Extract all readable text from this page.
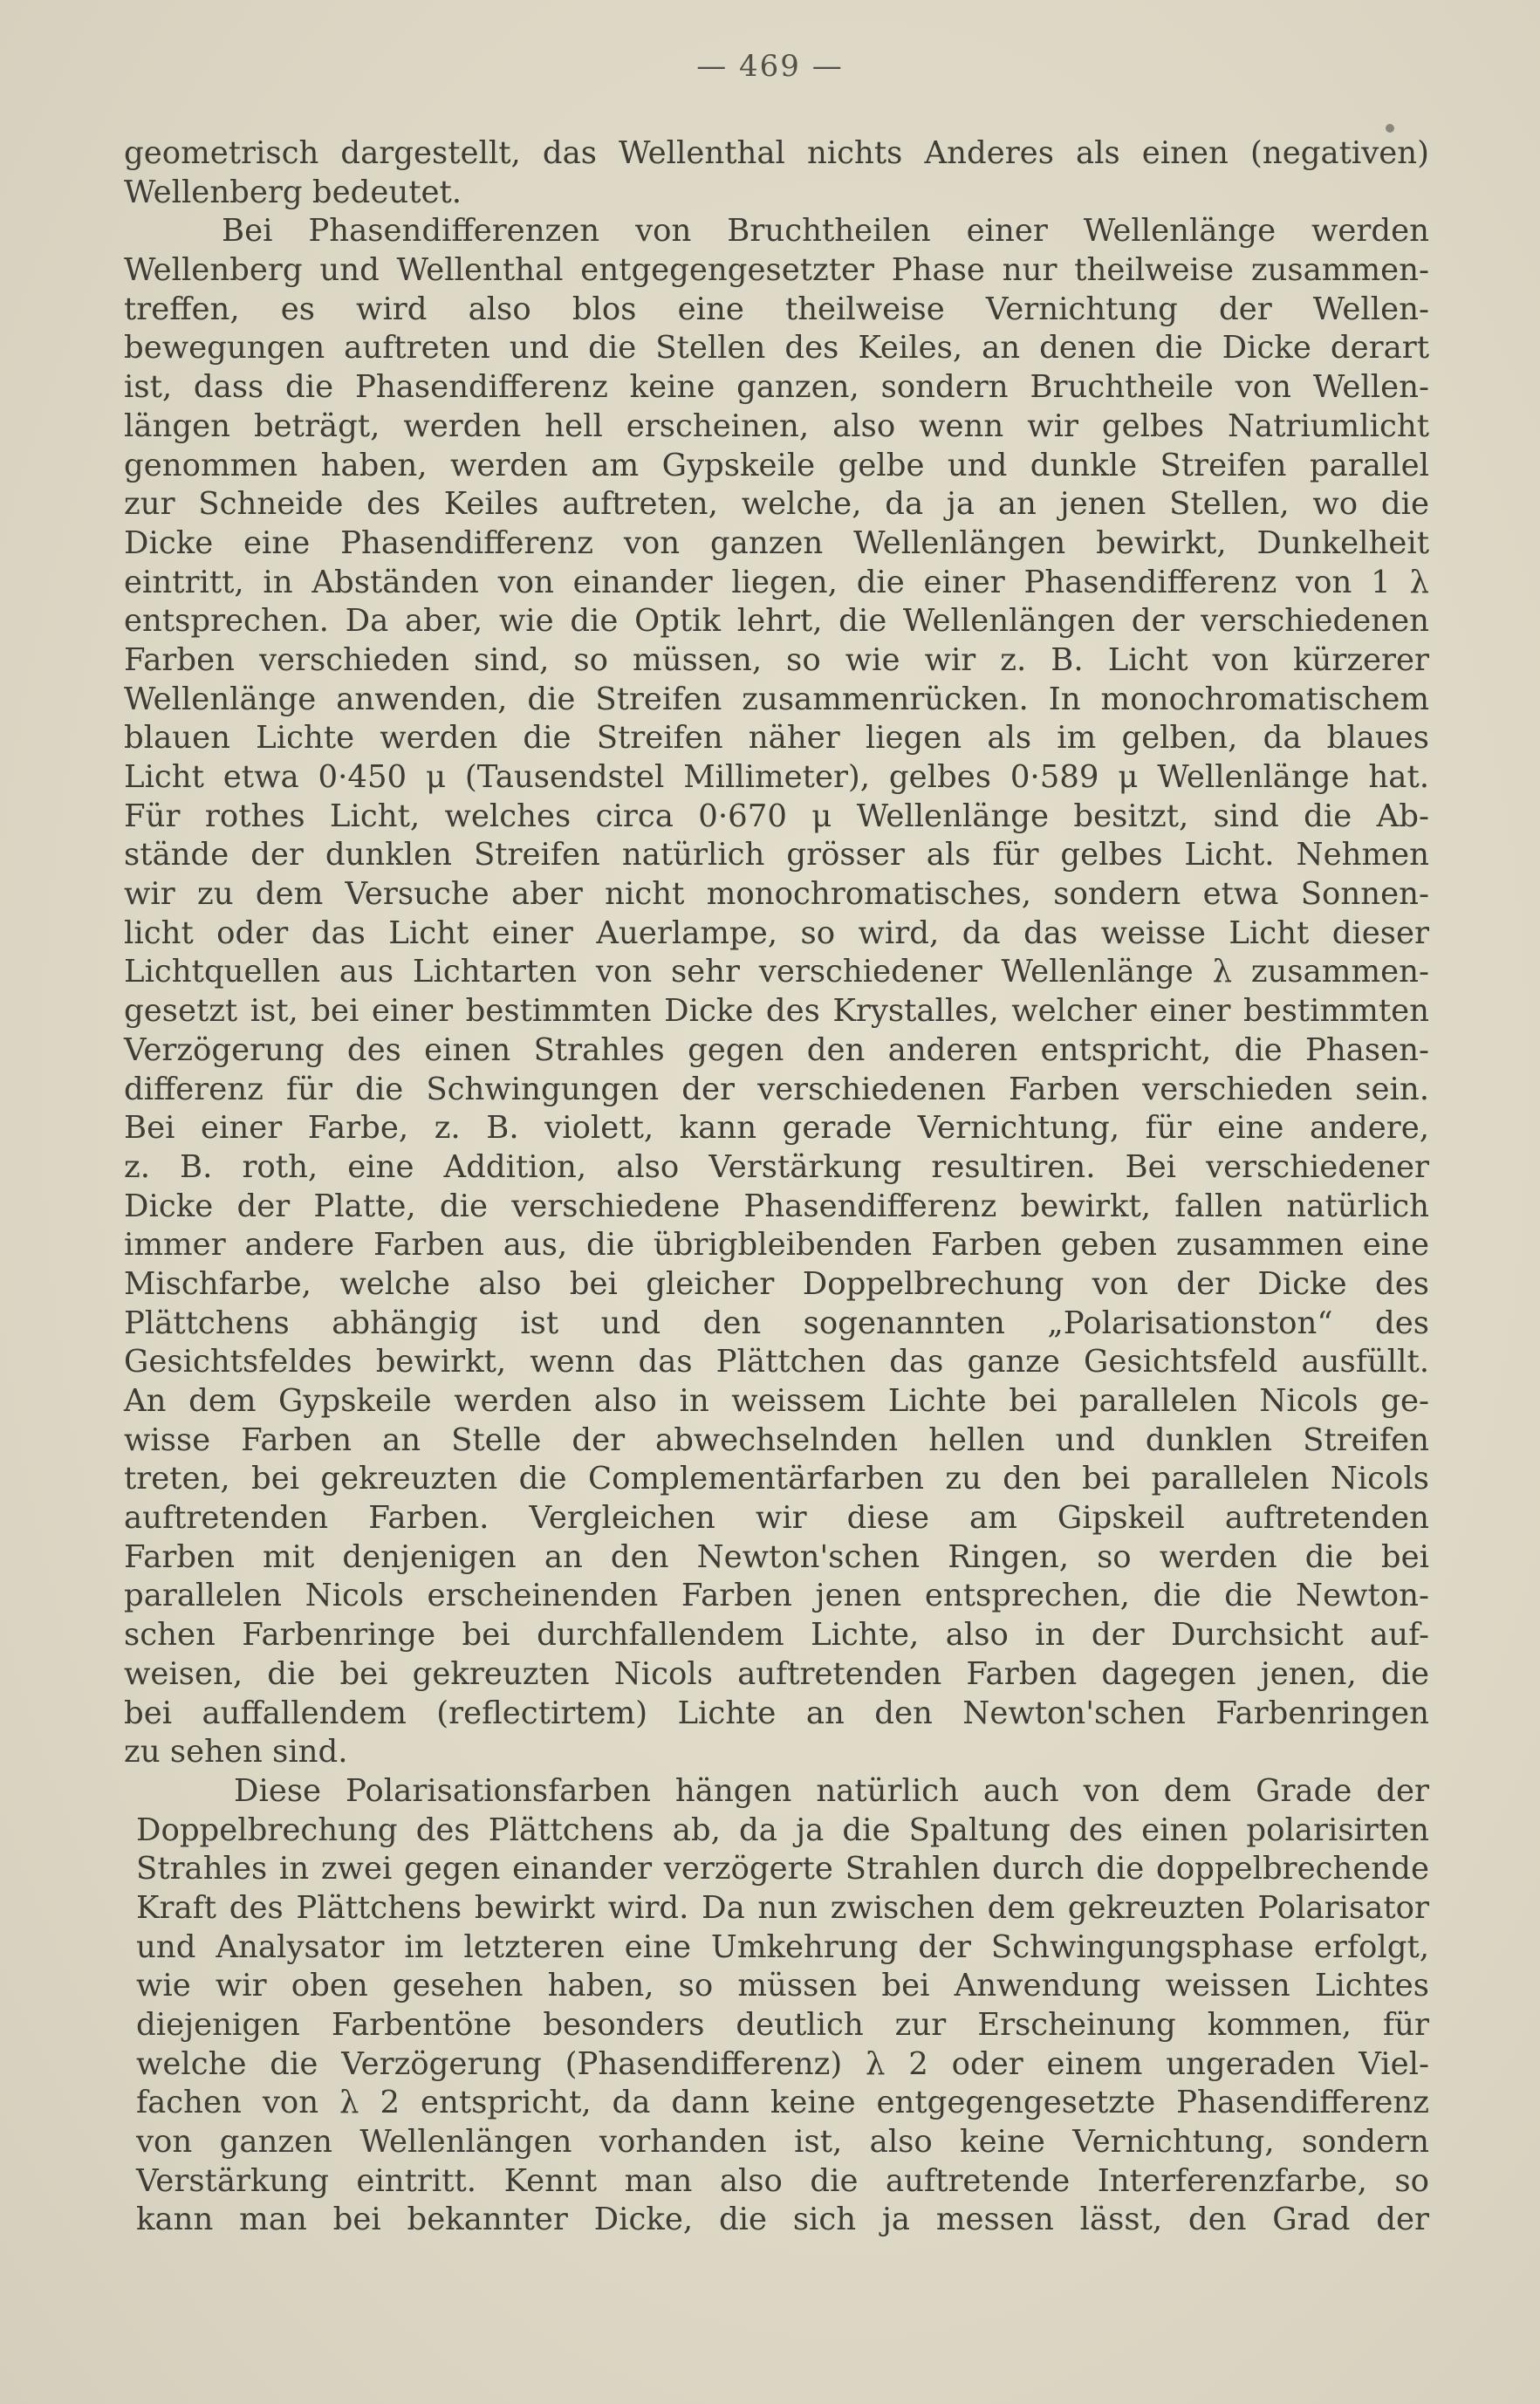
— 469 —
geometrisch dargestellt, das Wellenthal nichts Anderes als einen (negativen)
Wellenberg bedeutet.
Bei Phasendifferenzen von Bruchtheilen einer Wellenlänge werden
Wellenberg und Wellenthal entgegengesetzter Phase nur theilweise zusammen-
treffen, es wird also blos eine theilweise Vernichtung der Wellen-
bewegungen auftreten und die Stellen des Keiles, an denen die Dicke derart
ist, dass die Phasendifferenz keine ganzen, sondern Bruchtheile von Wellen-
längen beträgt, werden hell erscheinen, also wenn wir gelbes Natriumlicht
genommen haben, werden am Gypskeile gelbe und dunkle Streifen parallel
zur Schneide des Keiles auftreten, welche, da ja an jenen Stellen, wo die
Dicke eine Phasendifferenz von ganzen Wellenlängen bewirkt, Dunkelheit
eintritt, in Abständen von einander liegen, die einer Phasendifferenz von 1 λ
entsprechen. Da aber, wie die Optik lehrt, die Wellenlängen der verschiedenen
Farben verschieden sind, so müssen, so wie wir z. B. Licht von kürzerer
Wellenlänge anwenden, die Streifen zusammenrücken. In monochromatischem
blauen Lichte werden die Streifen näher liegen als im gelben, da blaues
Licht etwa 0·450 μ (Tausendstel Millimeter), gelbes 0·589 μ Wellenlänge hat.
Für rothes Licht, welches circa 0·670 μ Wellenlänge besitzt, sind die Ab-
stände der dunklen Streifen natürlich grösser als für gelbes Licht. Nehmen
wir zu dem Versuche aber nicht monochromatisches, sondern etwa Sonnen-
licht oder das Licht einer Auerlampe, so wird, da das weisse Licht dieser
Lichtquellen aus Lichtarten von sehr verschiedener Wellenlänge λ zusammen-
gesetzt ist, bei einer bestimmten Dicke des Krystalles, welcher einer bestimmten
Verzögerung des einen Strahles gegen den anderen entspricht, die Phasen-
differenz für die Schwingungen der verschiedenen Farben verschieden sein.
Bei einer Farbe, z. B. violett, kann gerade Vernichtung, für eine andere,
z. B. roth, eine Addition, also Verstärkung resultiren. Bei verschiedener
Dicke der Platte, die verschiedene Phasendifferenz bewirkt, fallen natürlich
immer andere Farben aus, die übrigbleibenden Farben geben zusammen eine
Mischfarbe, welche also bei gleicher Doppelbrechung von der Dicke des
Plättchens abhängig ist und den sogenannten „Polarisationston“ des
Gesichtsfeldes bewirkt, wenn das Plättchen das ganze Gesichtsfeld ausfüllt.
An dem Gypskeile werden also in weissem Lichte bei parallelen Nicols ge-
wisse Farben an Stelle der abwechselnden hellen und dunklen Streifen
treten, bei gekreuzten die Complementärfarben zu den bei parallelen Nicols
auftretenden Farben. Vergleichen wir diese am Gipskeil auftretenden
Farben mit denjenigen an den Newton'schen Ringen, so werden die bei
parallelen Nicols erscheinenden Farben jenen entsprechen, die die Newton-
schen Farbenringe bei durchfallendem Lichte, also in der Durchsicht auf-
weisen, die bei gekreuzten Nicols auftretenden Farben dagegen jenen, die
bei auffallendem (reflectirtem) Lichte an den Newton'schen Farbenringen
zu sehen sind.
Diese Polarisationsfarben hängen natürlich auch von dem Grade der
Doppelbrechung des Plättchens ab, da ja die Spaltung des einen polarisirten
Strahles in zwei gegen einander verzögerte Strahlen durch die doppelbrechende
Kraft des Plättchens bewirkt wird. Da nun zwischen dem gekreuzten Polarisator
und Analysator im letzteren eine Umkehrung der Schwingungsphase erfolgt,
wie wir oben gesehen haben, so müssen bei Anwendung weissen Lichtes
diejenigen Farbentöne besonders deutlich zur Erscheinung kommen, für
welche die Verzögerung (Phasendifferenz) λ 2 oder einem ungeraden Viel-
fachen von λ 2 entspricht, da dann keine entgegengesetzte Phasendifferenz
von ganzen Wellenlängen vorhanden ist, also keine Vernichtung, sondern
Verstärkung eintritt. Kennt man also die auftretende Interferenzfarbe, so
kann man bei bekannter Dicke, die sich ja messen lässt, den Grad der
